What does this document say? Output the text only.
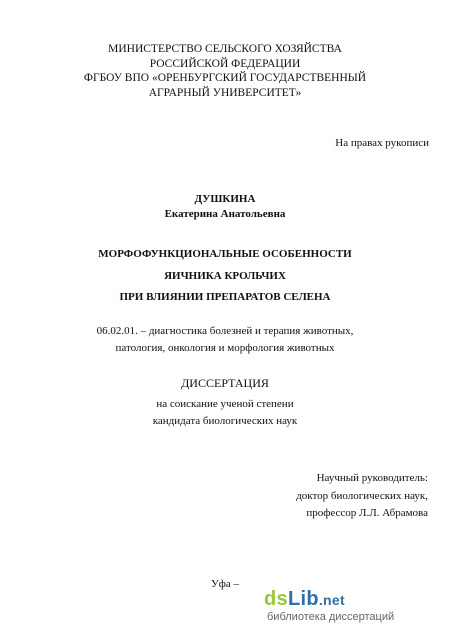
МИНИСТЕРСТВО СЕЛЬСКОГО ХОЗЯЙСТВА
РОССИЙСКОЙ ФЕДЕРАЦИИ
ФГБОУ ВПО «ОРЕНБУРГСКИЙ ГОСУДАРСТВЕННЫЙ
АГРАРНЫЙ УНИВЕРСИТЕТ»
На правах рукописи
ДУШКИНА
Екатерина Анатольевна
МОРФОФУНКЦИОНАЛЬНЫЕ ОСОБЕННОСТИ
ЯИЧНИКА КРОЛЬЧИХ
ПРИ ВЛИЯНИИ ПРЕПАРАТОВ СЕЛЕНА
06.02.01. – диагностика болезней и терапия животных,
патология, онкология и морфология животных
ДИССЕРТАЦИЯ
на соискание ученой степени
кандидата биологических наук
Научный руководитель:
доктор биологических наук,
профессор Л.Л. Абрамова
Уфа –
dsLib.net
библиотека диссертаций
